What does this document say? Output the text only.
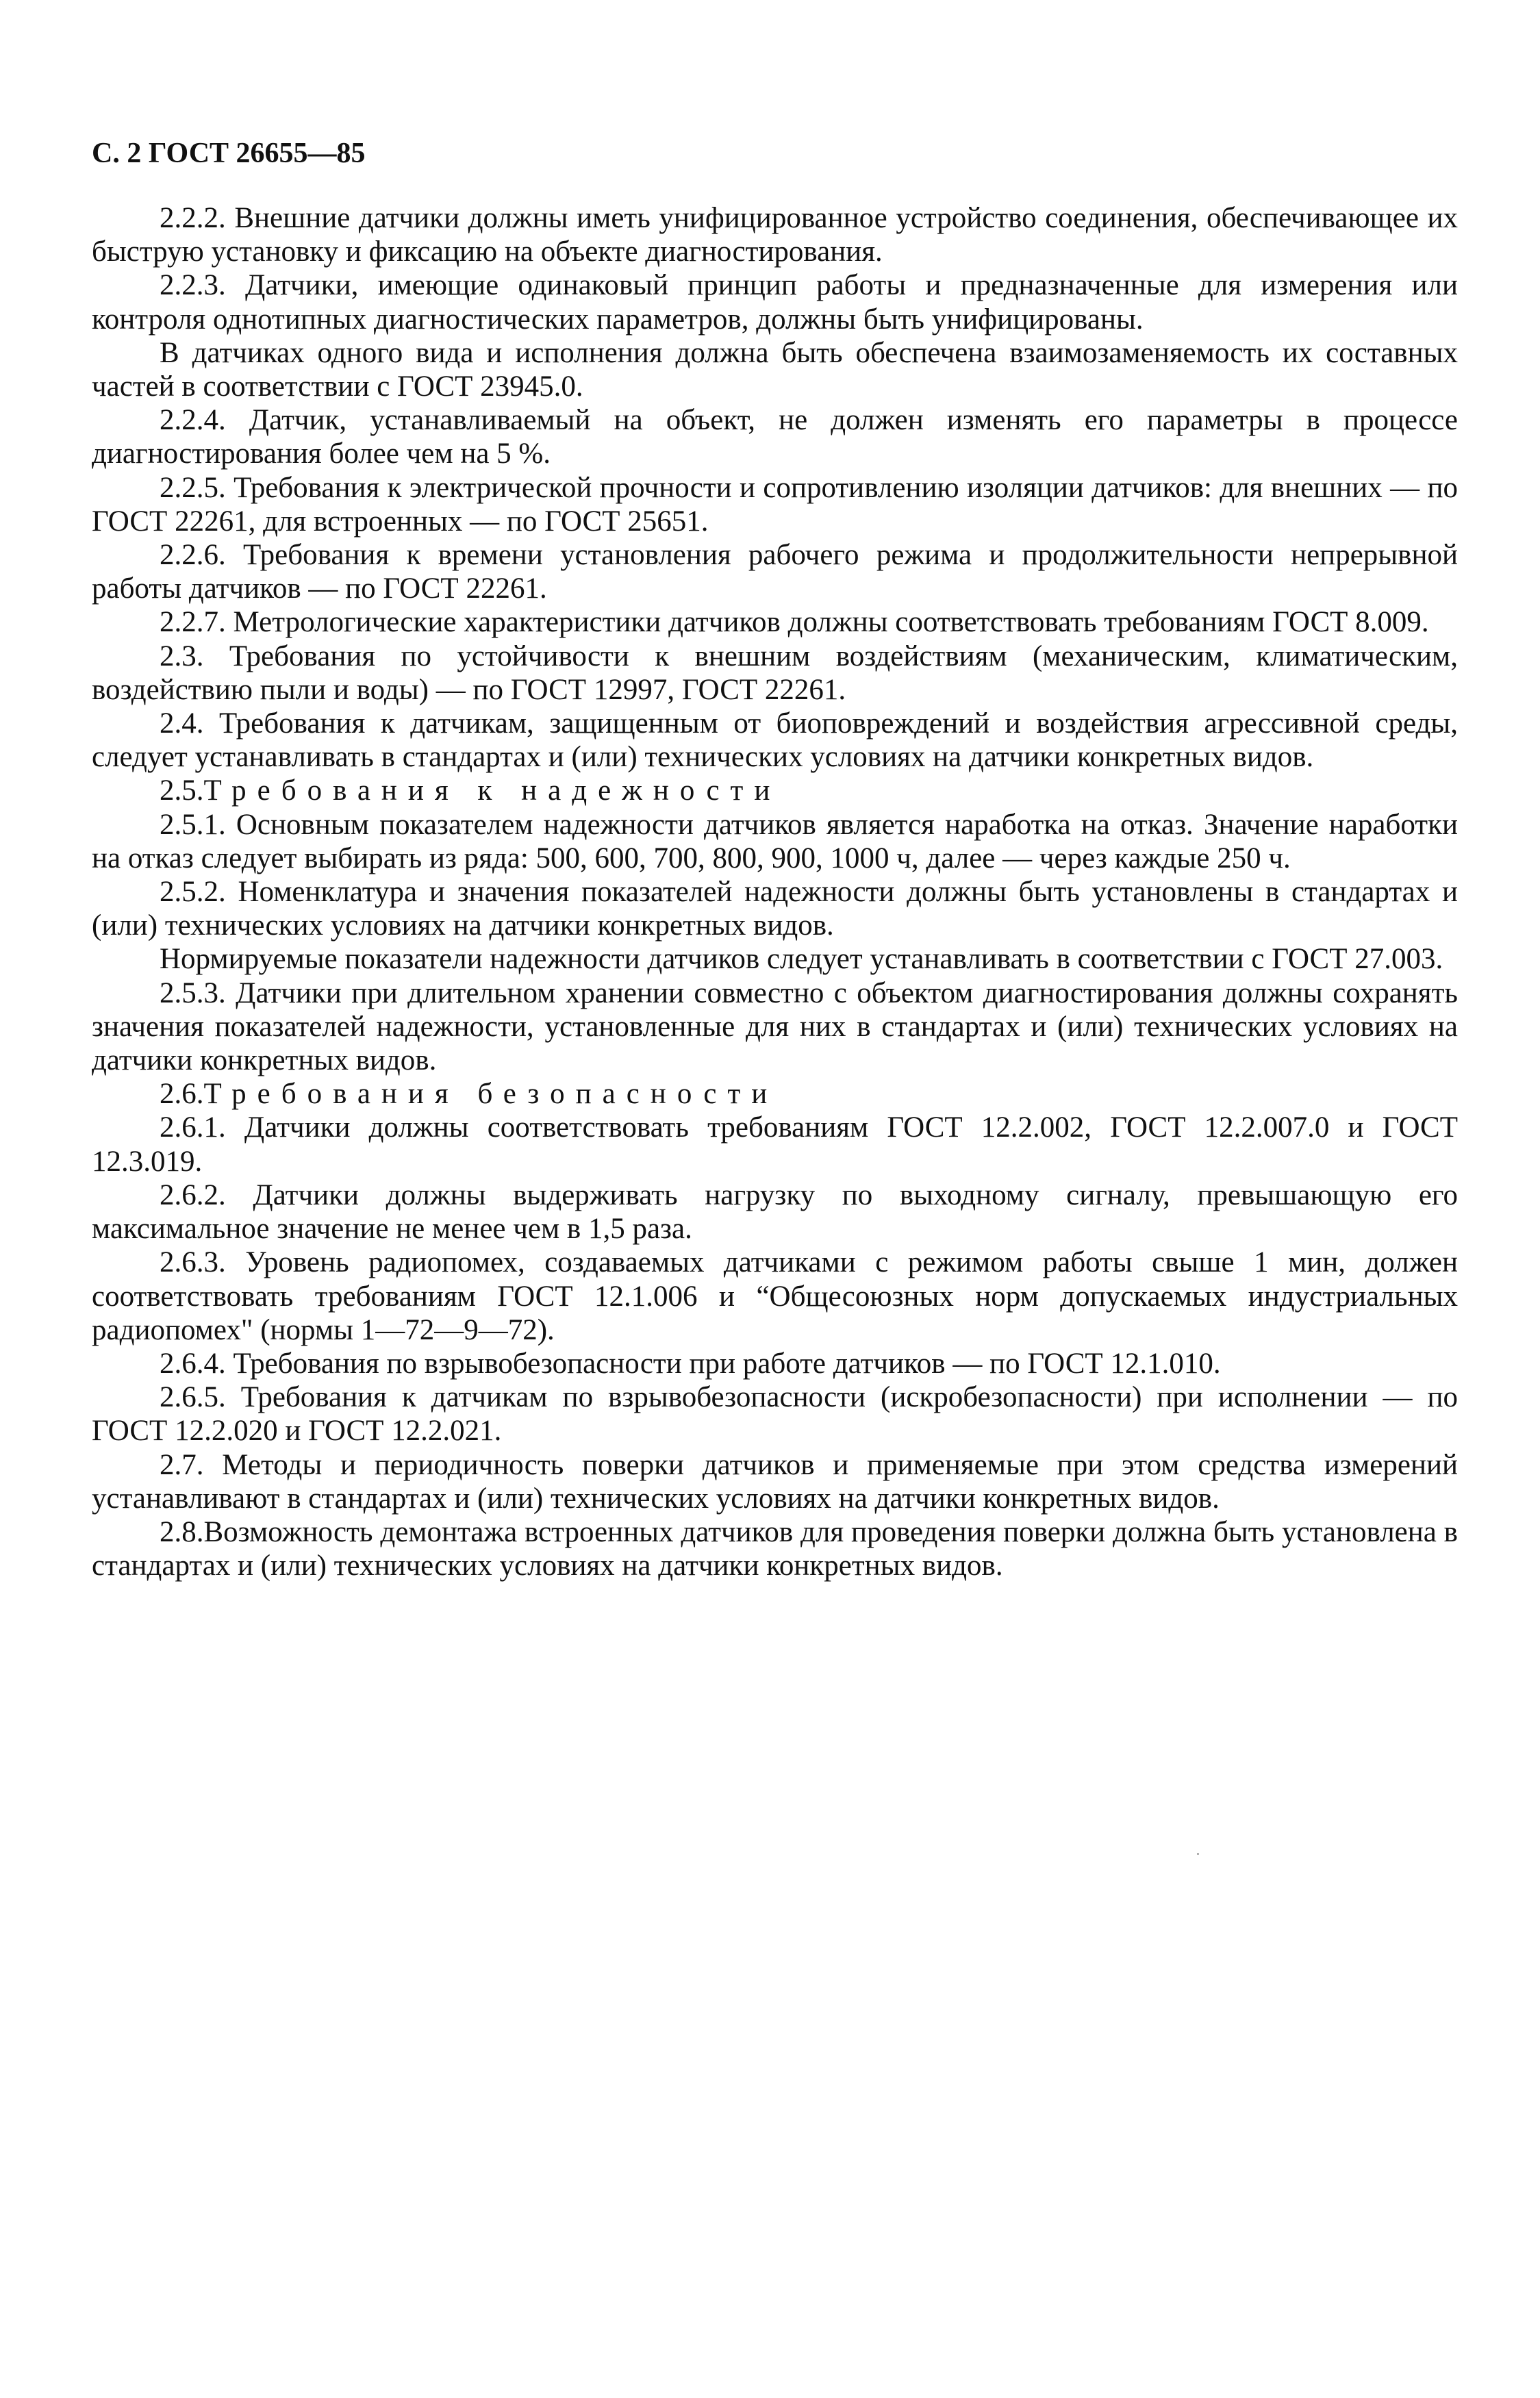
С. 2 ГОСТ 26655—85

2.2.2. Внешние датчики должны иметь унифицированное устройство соединения, обеспечивающее их быструю установку и фиксацию на объекте диагностирования.

2.2.3. Датчики, имеющие одинаковый принцип работы и предназначенные для измерения или контроля однотипных диагностических параметров, должны быть унифицированы.

В датчиках одного вида и исполнения должна быть обеспечена взаимозаменяемость их составных частей в соответствии с ГОСТ 23945.0.

2.2.4. Датчик, устанавливаемый на объект, не должен изменять его параметры в процессе диагностирования более чем на 5 %.

2.2.5. Требования к электрической прочности и сопротивлению изоляции датчиков: для внешних — по ГОСТ 22261, для встроенных — по ГОСТ 25651.

2.2.6. Требования к времени установления рабочего режима и продолжительности непрерывной работы датчиков — по ГОСТ 22261.

2.2.7. Метрологические характеристики датчиков должны соответствовать требованиям ГОСТ 8.009.

2.3. Требования по устойчивости к внешним воздействиям (механическим, климатическим, воздействию пыли и воды) — по ГОСТ 12997, ГОСТ 22261.

2.4. Требования к датчикам, защищенным от биоповреждений и воздействия агрессивной среды, следует устанавливать в стандартах и (или) технических условиях на датчики конкретных видов.

2.5.Требования к надежности

2.5.1. Основным показателем надежности датчиков является наработка на отказ. Значение наработки на отказ следует выбирать из ряда: 500, 600, 700, 800, 900, 1000 ч, далее — через каждые 250 ч.

2.5.2. Номенклатура и значения показателей надежности должны быть установлены в стандартах и (или) технических условиях на датчики конкретных видов.

Нормируемые показатели надежности датчиков следует устанавливать в соответствии с ГОСТ 27.003.

2.5.3. Датчики при длительном хранении совместно с объектом диагностирования должны сохранять значения показателей надежности, установленные для них в стандартах и (или) технических условиях на датчики конкретных видов.

2.6.Требования безопасности

2.6.1. Датчики должны соответствовать требованиям ГОСТ 12.2.002, ГОСТ 12.2.007.0 и ГОСТ 12.3.019.

2.6.2. Датчики должны выдерживать нагрузку по выходному сигналу, превышающую его максимальное значение не менее чем в 1,5 раза.

2.6.3. Уровень радиопомех, создаваемых датчиками с режимом работы свыше 1 мин, должен соответствовать требованиям ГОСТ 12.1.006 и “Общесоюзных норм допускаемых индустриальных радиопомех" (нормы 1—72—9—72).

2.6.4. Требования по взрывобезопасности при работе датчиков — по ГОСТ 12.1.010.

2.6.5. Требования к датчикам по взрывобезопасности (искробезопасности) при исполнении — по ГОСТ 12.2.020 и ГОСТ 12.2.021.

2.7. Методы и периодичность поверки датчиков и применяемые при этом средства измерений устанавливают в стандартах и (или) технических условиях на датчики конкретных видов.

2.8.Возможность демонтажа встроенных датчиков для проведения поверки должна быть установлена в стандартах и (или) технических условиях на датчики конкретных видов.
